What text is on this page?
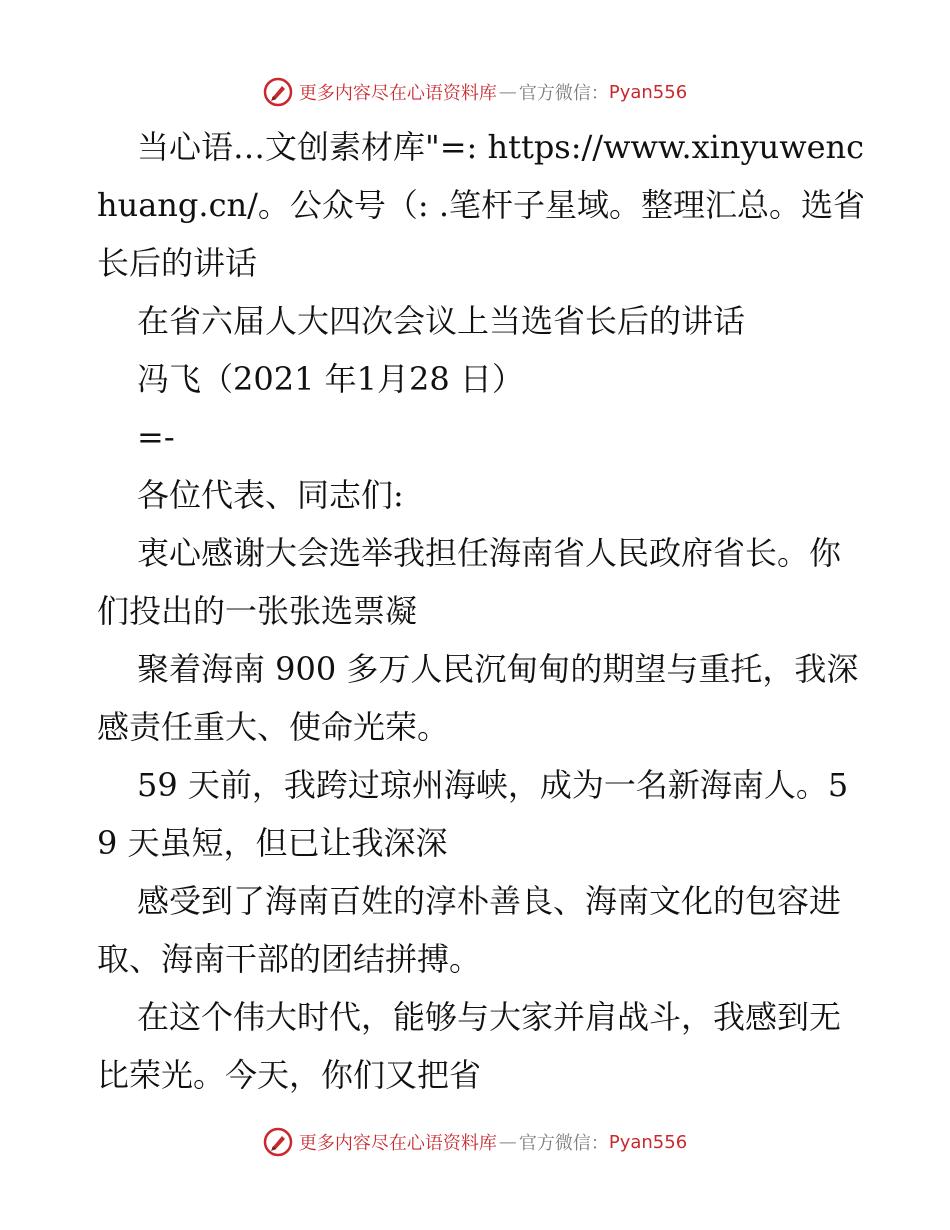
更多内容尽在心语资料库 — 官方微信： Pyan556

当心语…文创素材库"=: https://www.xinyuwenchuang.cn/。公众号（: .笔杆子星域。整理汇总。选省长后的讲话

在省六届人大四次会议上当选省长后的讲话

冯飞（2021 年1月28 日）

=-

各位代表、同志们:

衷心感谢大会选举我担任海南省人民政府省长。你们投出的一张张选票凝

聚着海南 900 多万人民沉甸甸的期望与重托，我深感责任重大、使命光荣。

59 天前，我跨过琼州海峡，成为一名新海南人。59 天虽短，但已让我深深

感受到了海南百姓的淳朴善良、海南文化的包容进取、海南干部的团结拼搏。

在这个伟大时代，能够与大家并肩战斗，我感到无比荣光。今天，你们又把省

更多内容尽在心语资料库 — 官方微信： Pyan556
